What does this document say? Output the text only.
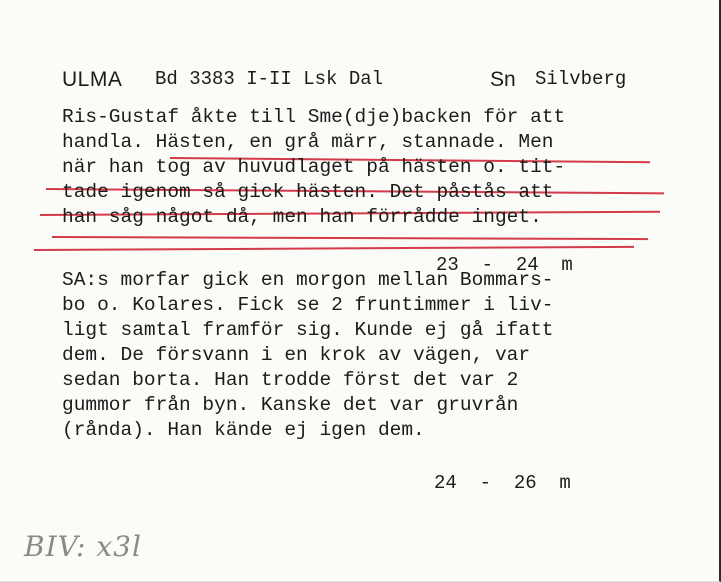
ULMA Bd 3383 I-II Lsk Dal	Sn Silvberg
Ris-Gustaf åkte till Sme(dje)backen för att
handla. Hästen, en grå märr, stannade. Men
när han tog av huvudlaget på hästen o. tit-
tade igenom så gick hästen. Det påstås att
han såg något då, men han förrådde inget.
23  -  24  m
SA:s morfar gick en morgon mellan Bommars-
bo o. Kolares. Fick se 2 fruntimmer i liv-
ligt samtal framför sig. Kunde ej gå ifatt
dem. De försvann i en krok av vägen, var
sedan borta. Han trodde först det var 2
gummor från byn. Kanske det var gruvrån
(rånda). Han kände ej igen dem.
24  -  26  m
BIV: x3l
